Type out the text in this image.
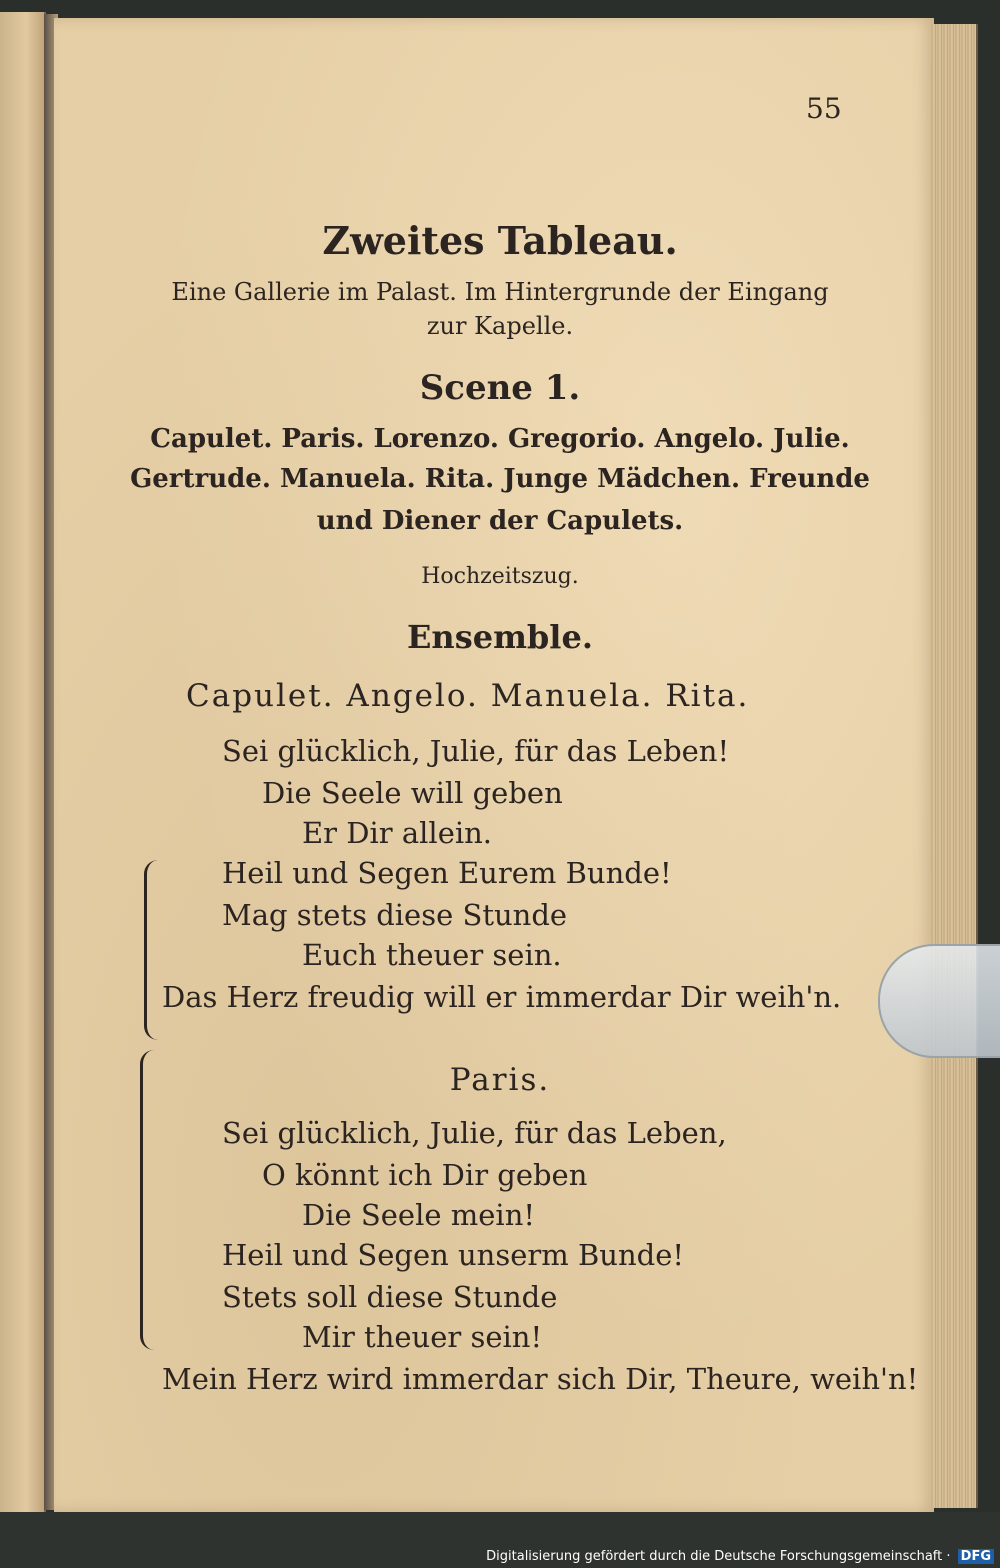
55
Zweites Tableau.
Eine Gallerie im Palast. Im Hintergrunde der Eingang
zur Kapelle.
Scene 1.
Capulet. Paris. Lorenzo. Gregorio. Angelo. Julie.
Gertrude. Manuela. Rita. Junge Mädchen. Freunde
und Diener der Capulets.
Hochzeitszug.
Ensemble.
Capulet. Angelo. Manuela. Rita.
Sei glücklich, Julie, für das Leben!
Die Seele will geben
Er Dir allein.
Heil und Segen Eurem Bunde!
Mag stets diese Stunde
Euch theuer sein.
Das Herz freudig will er immerdar Dir weih'n.
Paris.
Sei glücklich, Julie, für das Leben,
O könnt ich Dir geben
Die Seele mein!
Heil und Segen unserm Bunde!
Stets soll diese Stunde
Mir theuer sein!
Mein Herz wird immerdar sich Dir, Theure, weih'n!
Digitalisierung gefördert durch die Deutsche Forschungsgemeinschaft · DFG
